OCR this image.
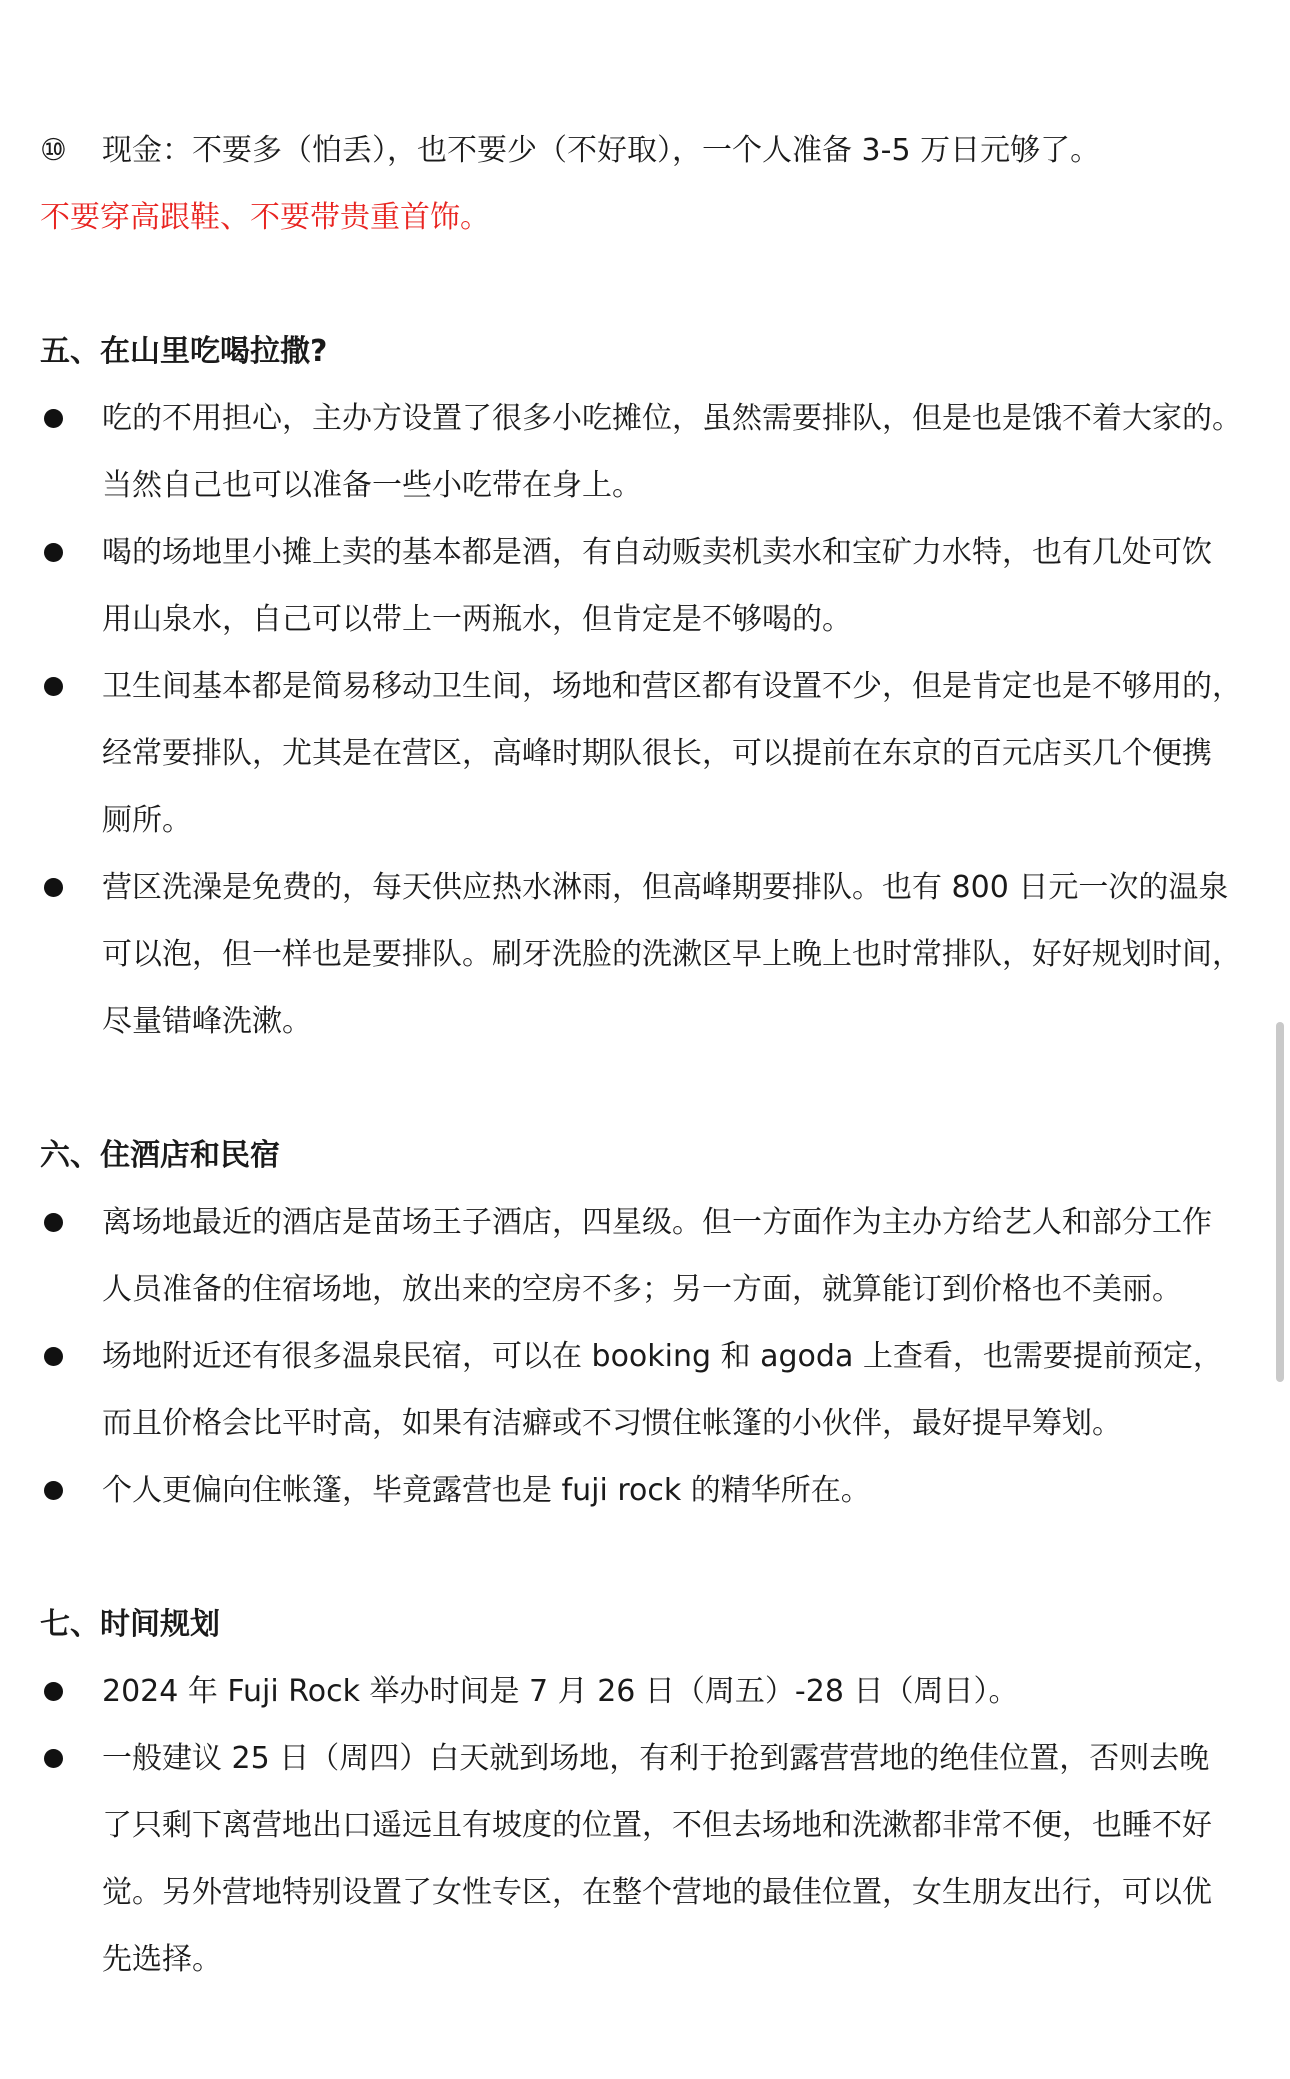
⑩ 现金：不要多（怕丢），也不要少（不好取），一个人准备 3-5 万日元够了。
不要穿高跟鞋、不要带贵重首饰。
五、在山里吃喝拉撒?
吃的不用担心，主办方设置了很多小吃摊位，虽然需要排队，但是也是饿不着大家的。
当然自己也可以准备一些小吃带在身上。
喝的场地里小摊上卖的基本都是酒，有自动贩卖机卖水和宝矿力水特，也有几处可饮
用山泉水，自己可以带上一两瓶水，但肯定是不够喝的。
卫生间基本都是简易移动卫生间，场地和营区都有设置不少，但是肯定也是不够用的，
经常要排队，尤其是在营区，高峰时期队很长，可以提前在东京的百元店买几个便携
厕所。
营区洗澡是免费的，每天供应热水淋雨，但高峰期要排队。也有 800 日元一次的温泉
可以泡，但一样也是要排队。刷牙洗脸的洗漱区早上晚上也时常排队，好好规划时间，
尽量错峰洗漱。
六、住酒店和民宿
离场地最近的酒店是苗场王子酒店，四星级。但一方面作为主办方给艺人和部分工作
人员准备的住宿场地，放出来的空房不多；另一方面，就算能订到价格也不美丽。
场地附近还有很多温泉民宿，可以在 booking 和 agoda 上查看，也需要提前预定，
而且价格会比平时高，如果有洁癖或不习惯住帐篷的小伙伴，最好提早筹划。
个人更偏向住帐篷，毕竟露营也是 fuji rock 的精华所在。
七、时间规划
2024 年 Fuji Rock 举办时间是 7 月 26 日（周五）-28 日（周日）。
一般建议 25 日（周四）白天就到场地，有利于抢到露营营地的绝佳位置，否则去晚
了只剩下离营地出口遥远且有坡度的位置，不但去场地和洗漱都非常不便，也睡不好
觉。另外营地特别设置了女性专区，在整个营地的最佳位置，女生朋友出行，可以优
先选择。
